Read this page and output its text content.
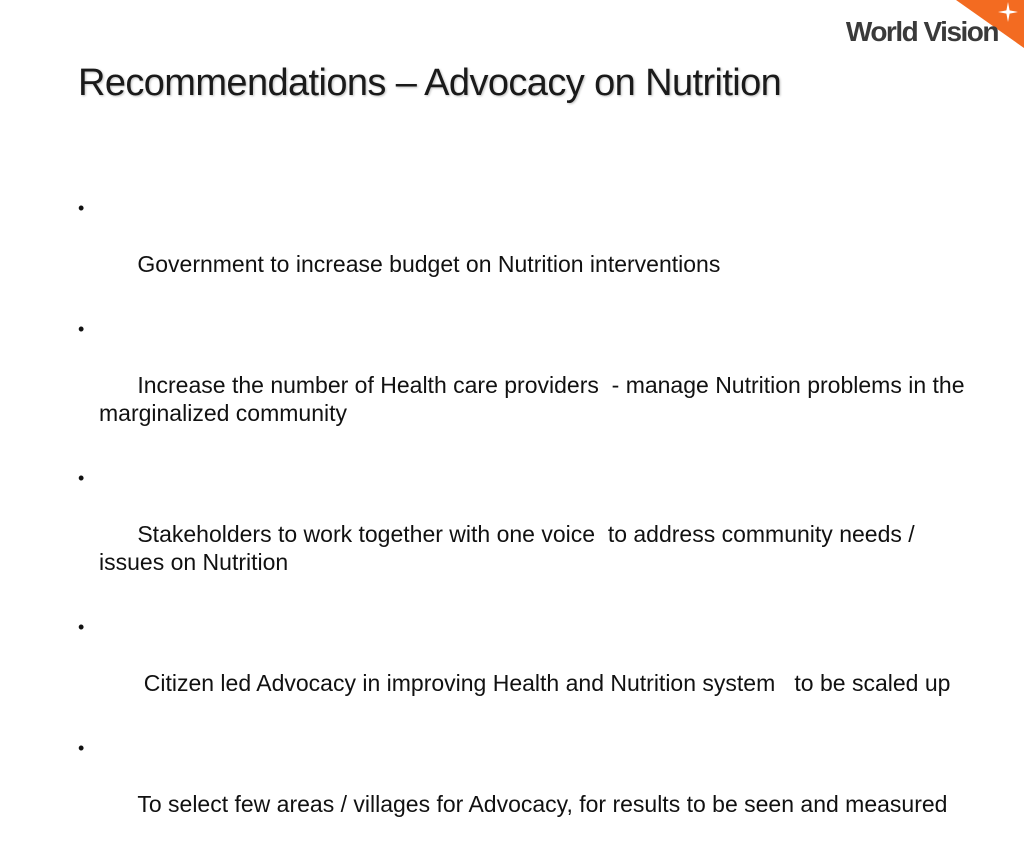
World Vision
Recommendations – Advocacy on Nutrition

•

Government to increase budget on Nutrition interventions

•

Increase the number of Health care providers  - manage Nutrition problems in the marginalized community

•

Stakeholders to work together with one voice  to address community needs / issues on Nutrition

•

Citizen led Advocacy in improving Health and Nutrition system   to be scaled up

•

To select few areas / villages for Advocacy, for results to be seen and measured
